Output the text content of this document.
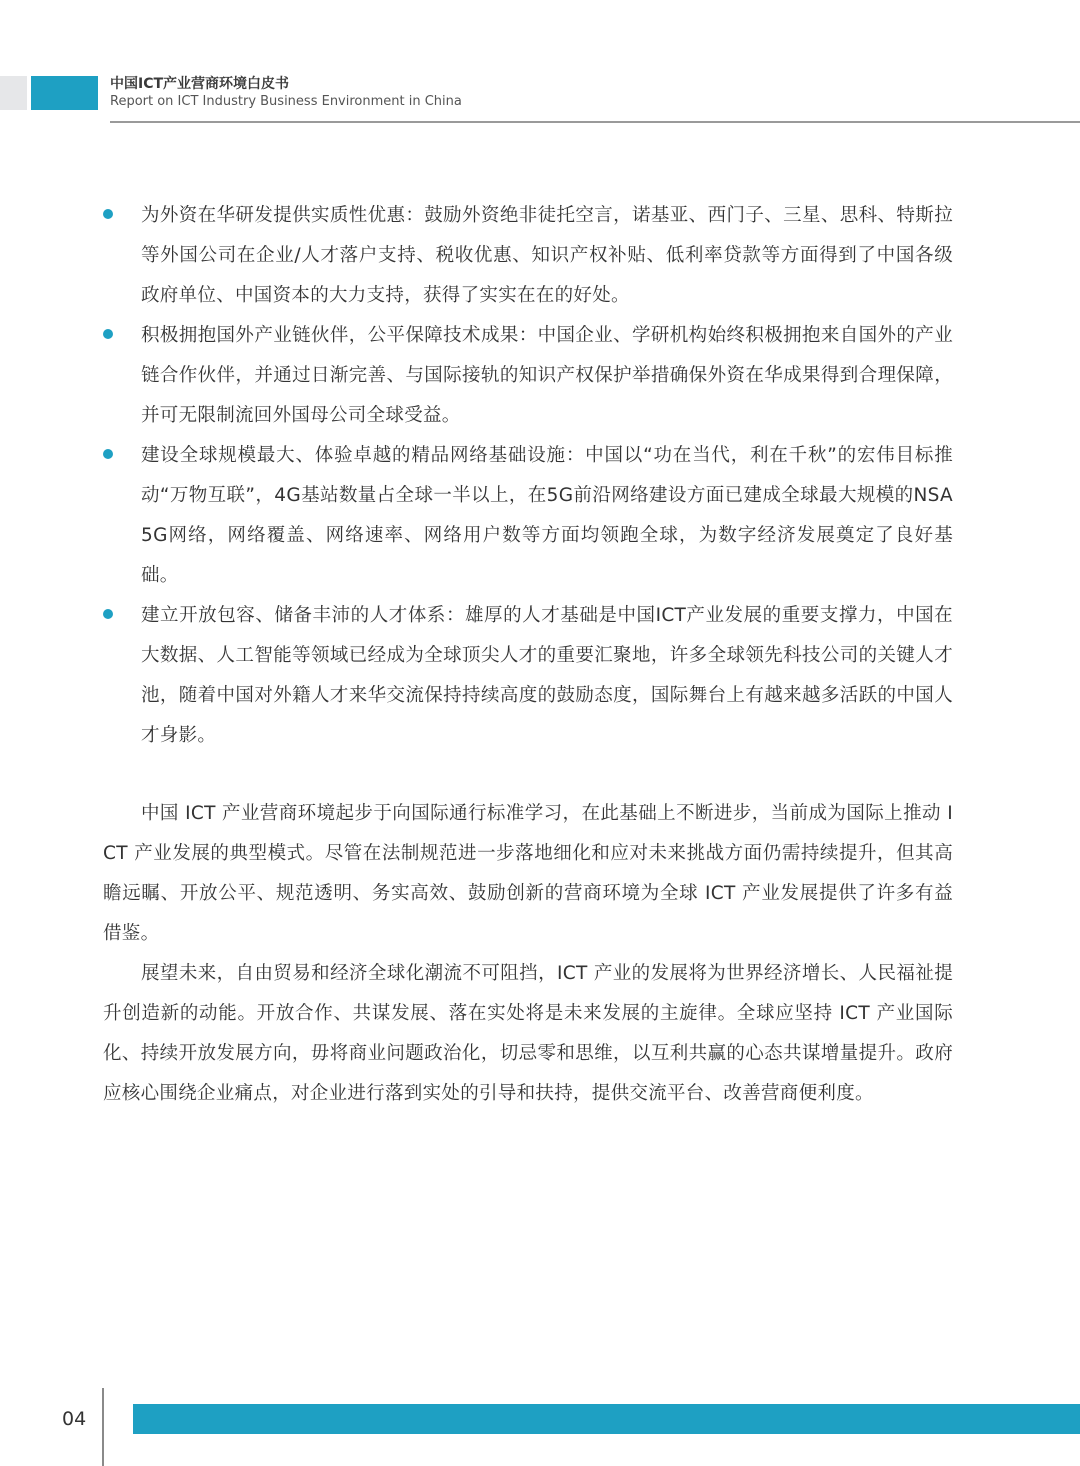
中国ICT产业营商环境白皮书
Report on ICT Industry Business Environment in China
为外资在华研发提供实质性优惠：鼓励外资绝非徒托空言，诺基亚、西门子、三星、思科、特斯拉等外国公司在企业/人才落户支持、税收优惠、知识产权补贴、低利率贷款等方面得到了中国各级政府单位、中国资本的大力支持，获得了实实在在的好处。
积极拥抱国外产业链伙伴，公平保障技术成果：中国企业、学研机构始终积极拥抱来自国外的产业链合作伙伴，并通过日渐完善、与国际接轨的知识产权保护举措确保外资在华成果得到合理保障，并可无限制流回外国母公司全球受益。
建设全球规模最大、体验卓越的精品网络基础设施：中国以“功在当代，利在千秋”的宏伟目标推动“万物互联”，4G基站数量占全球一半以上，在5G前沿网络建设方面已建成全球最大规模的NSA 5G网络，网络覆盖、网络速率、网络用户数等方面均领跑全球，为数字经济发展奠定了良好基础。
建立开放包容、储备丰沛的人才体系：雄厚的人才基础是中国ICT产业发展的重要支撑力，中国在大数据、人工智能等领域已经成为全球顶尖人才的重要汇聚地，许多全球领先科技公司的关键人才池，随着中国对外籍人才来华交流保持持续高度的鼓励态度，国际舞台上有越来越多活跃的中国人才身影。

中国 ICT 产业营商环境起步于向国际通行标准学习，在此基础上不断进步，当前成为国际上推动 ICT 产业发展的典型模式。尽管在法制规范进一步落地细化和应对未来挑战方面仍需持续提升，但其高瞻远瞩、开放公平、规范透明、务实高效、鼓励创新的营商环境为全球 ICT 产业发展提供了许多有益借鉴。

展望未来，自由贸易和经济全球化潮流不可阻挡，ICT 产业的发展将为世界经济增长、人民福祉提升创造新的动能。开放合作、共谋发展、落在实处将是未来发展的主旋律。全球应坚持 ICT 产业国际化、持续开放发展方向，毋将商业问题政治化，切忌零和思维，以互利共赢的心态共谋增量提升。政府应核心围绕企业痛点，对企业进行落到实处的引导和扶持，提供交流平台、改善营商便利度。

04
